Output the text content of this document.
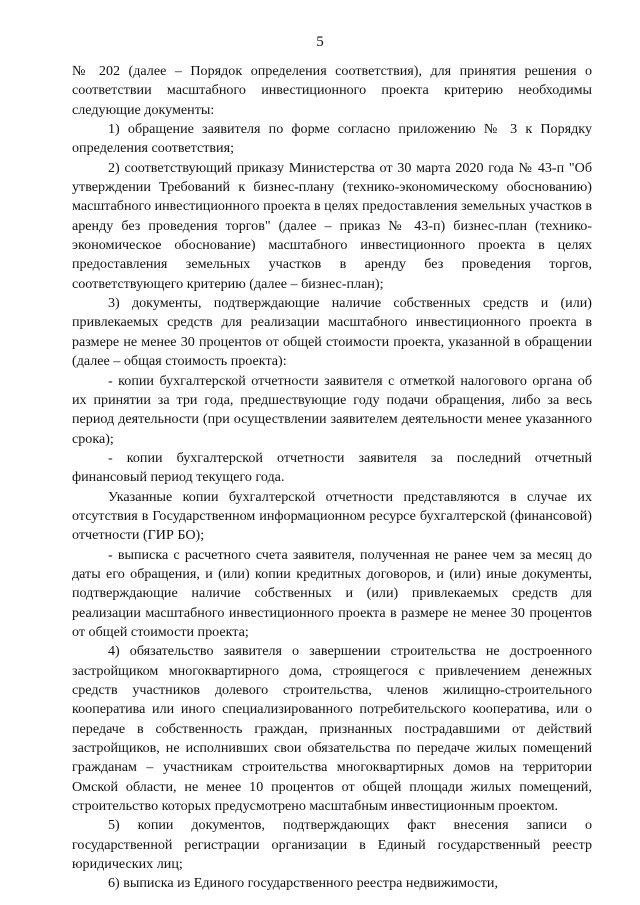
5

№ 202 (далее – Порядок определения соответствия), для принятия решения о соответствии масштабного инвестиционного проекта критерию необходимы следующие документы:

1) обращение заявителя по форме согласно приложению № 3 к Порядку определения соответствия;

2) соответствующий приказу Министерства от 30 марта 2020 года № 43-п "Об утверждении Требований к бизнес-плану (технико-экономическому обоснованию) масштабного инвестиционного проекта в целях предоставления земельных участков в аренду без проведения торгов" (далее – приказ № 43-п) бизнес-план (технико-экономическое обоснование) масштабного инвестиционного проекта в целях предоставления земельных участков в аренду без проведения торгов, соответствующего критерию (далее – бизнес-план);

3) документы, подтверждающие наличие собственных средств и (или) привлекаемых средств для реализации масштабного инвестиционного проекта в размере не менее 30 процентов от общей стоимости проекта, указанной в обращении (далее – общая стоимость проекта):

- копии бухгалтерской отчетности заявителя с отметкой налогового органа об их принятии за три года, предшествующие году подачи обращения, либо за весь период деятельности (при осуществлении заявителем деятельности менее указанного срока);

- копии бухгалтерской отчетности заявителя за последний отчетный финансовый период текущего года.

Указанные копии бухгалтерской отчетности представляются в случае их отсутствия в Государственном информационном ресурсе бухгалтерской (финансовой) отчетности (ГИР БО);

- выписка с расчетного счета заявителя, полученная не ранее чем за месяц до даты его обращения, и (или) копии кредитных договоров, и (или) иные документы, подтверждающие наличие собственных и (или) привлекаемых средств для реализации масштабного инвестиционного проекта в размере не менее 30 процентов от общей стоимости проекта;

4) обязательство заявителя о завершении строительства не достроенного застройщиком многоквартирного дома, строящегося с привлечением денежных средств участников долевого строительства, членов жилищно-строительного кооператива или иного специализированного потребительского кооператива, или о передаче в собственность граждан, признанных пострадавшими от действий застройщиков, не исполнивших свои обязательства по передаче жилых помещений гражданам – участникам строительства многоквартирных домов на территории Омской области, не менее 10 процентов от общей площади жилых помещений, строительство которых предусмотрено масштабным инвестиционным проектом.

5) копии документов, подтверждающих факт внесения записи о государственной регистрации организации в Единый государственный реестр юридических лиц;

6) выписка из Единого государственного реестра недвижимости,
